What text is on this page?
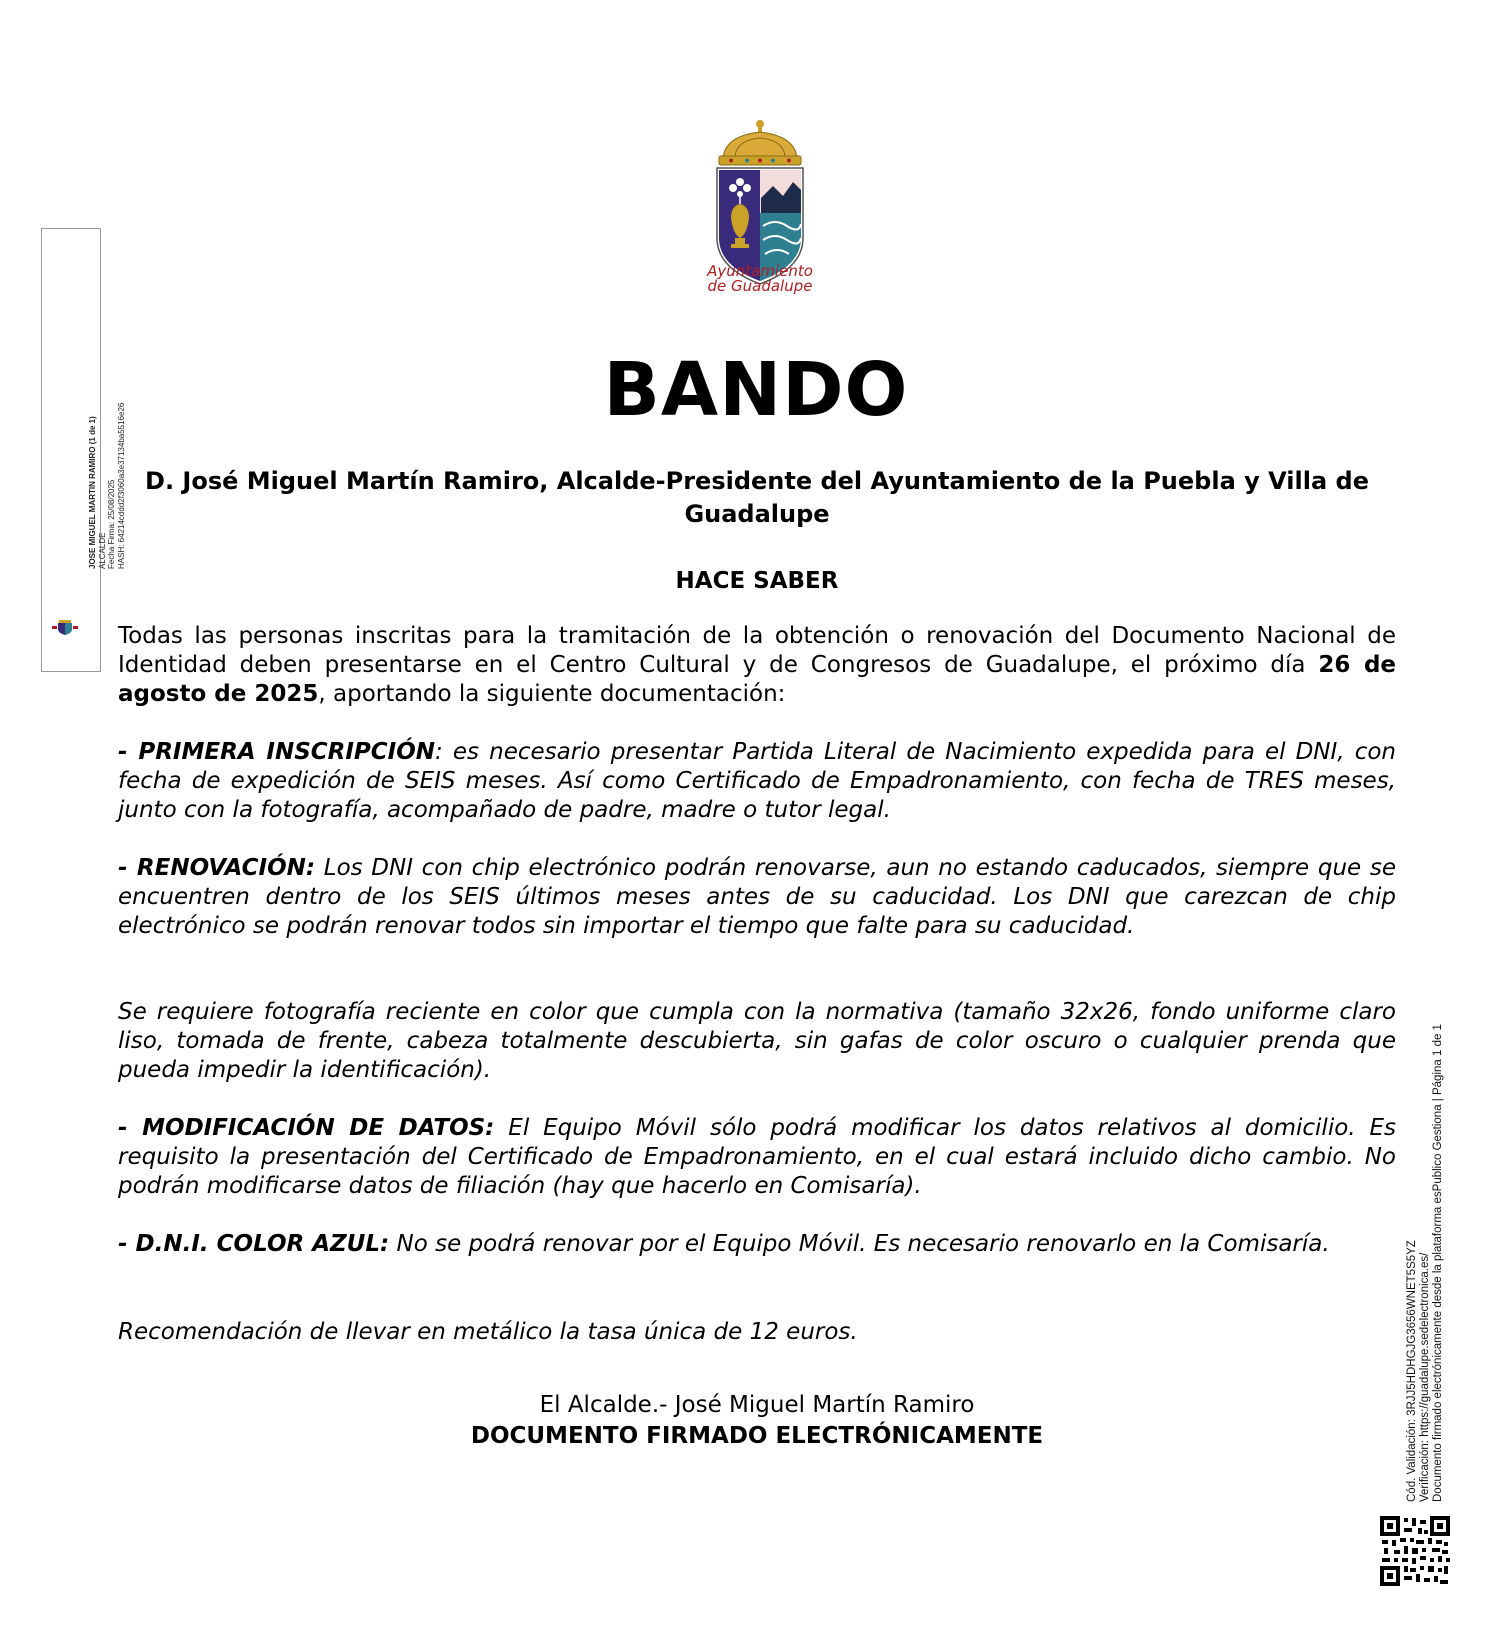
Ayuntamiento
de Guadalupe
BANDO
D. José Miguel Martín Ramiro, Alcalde-Presidente del Ayuntamiento de la Puebla y Villa de Guadalupe
HACE SABER
Todas las personas inscritas para la tramitación de la obtención o renovación del Documento Nacional de Identidad deben presentarse en el Centro Cultural y de Congresos de Guadalupe, el próximo día 26 de agosto de 2025, aportando la siguiente documentación:
- PRIMERA INSCRIPCIÓN: es necesario presentar Partida Literal de Nacimiento expedida para el DNI, con fecha de expedición de SEIS meses. Así como Certificado de Empadronamiento, con fecha de TRES meses, junto con la fotografía, acompañado de padre, madre o tutor legal.
- RENOVACIÓN: Los DNI con chip electrónico podrán renovarse, aun no estando caducados, siempre que se encuentren dentro de los SEIS últimos meses antes de su caducidad. Los DNI que carezcan de chip electrónico se podrán renovar todos sin importar el tiempo que falte para su caducidad.
Se requiere fotografía reciente en color que cumpla con la normativa (tamaño 32x26, fondo uniforme claro liso, tomada de frente, cabeza totalmente descubierta, sin gafas de color oscuro o cualquier prenda que pueda impedir la identificación).
- MODIFICACIÓN DE DATOS: El Equipo Móvil sólo podrá modificar los datos relativos al domicilio. Es requisito la presentación del Certificado de Empadronamiento, en el cual estará incluido dicho cambio. No podrán modificarse datos de filiación (hay que hacerlo en Comisaría).
- D.N.I. COLOR AZUL: No se podrá renovar por el Equipo Móvil. Es necesario renovarlo en la Comisaría.
Recomendación de llevar en metálico la tasa única de 12 euros.
El Alcalde.- José Miguel Martín Ramiro
DOCUMENTO FIRMADO ELECTRÓNICAMENTE
JOSE MIGUEL MARTIN RAMIRO (1 de 1) ALCALDE Fecha Firma: 25/08/2025 HASH: 64214cddd2f3060a3e37134ba5516e26
Cód. Validación: 3RJJ5HDHGJG3656WNET5S5YZ Verificación: https://guadalupe.sedelectronica.es/ Documento firmado electrónicamente desde la plataforma esPublico Gestiona | Página 1 de 1
